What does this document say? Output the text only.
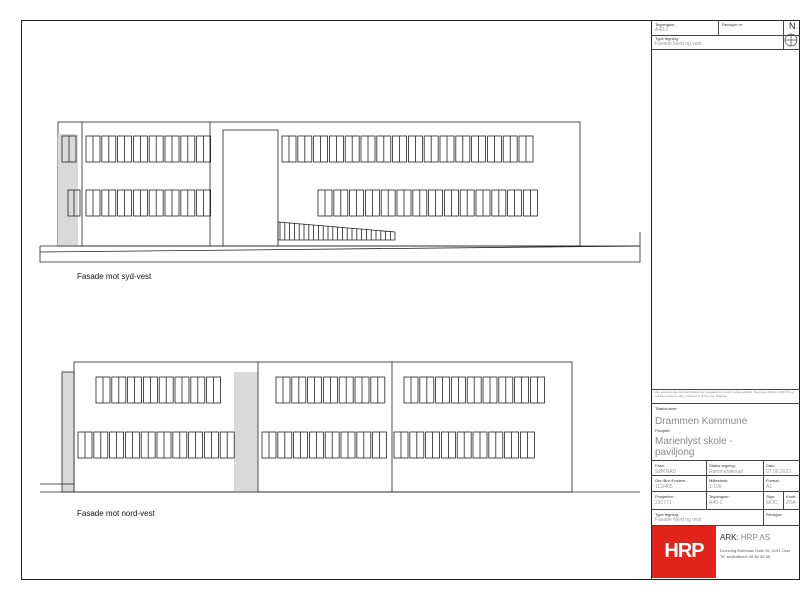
Fasade mot syd-vest
Fasade mot nord-vest
Tegningsnr:
A40-1
Revisjon nr:	N
Type tegning:
Fasade Nord og vest
Alle eksisterende mål kontrolleres før prosjektering. Avvik meldes arkitekt. Tegningen tilhører HRP AS og må ikke kopieres eller overlates til andre uten tillatelse.
Tiltakshaver:
Drammen Kommune
Prosjekt:
Marienlyst skole - paviljong
Fase:
SØKNAD
Status tegning:
Rammesøknad
Dato:
07.09.2023
Gnr./Bnr./Festenr.:
112/465
Målestokk:
1:100
Format:
A1
Prosjektnr.:
232771
Tegningsnr:
A40-1
Sign:
MOC
Kontr:
JOA
Type tegning:
Fasade Nord og vest
Revisjon:
HRP
ARK: HRP AS
Dronning Eufemias Gate 16, 0191 Oslo
Tlf. sentralbord: 46 80 55 55
